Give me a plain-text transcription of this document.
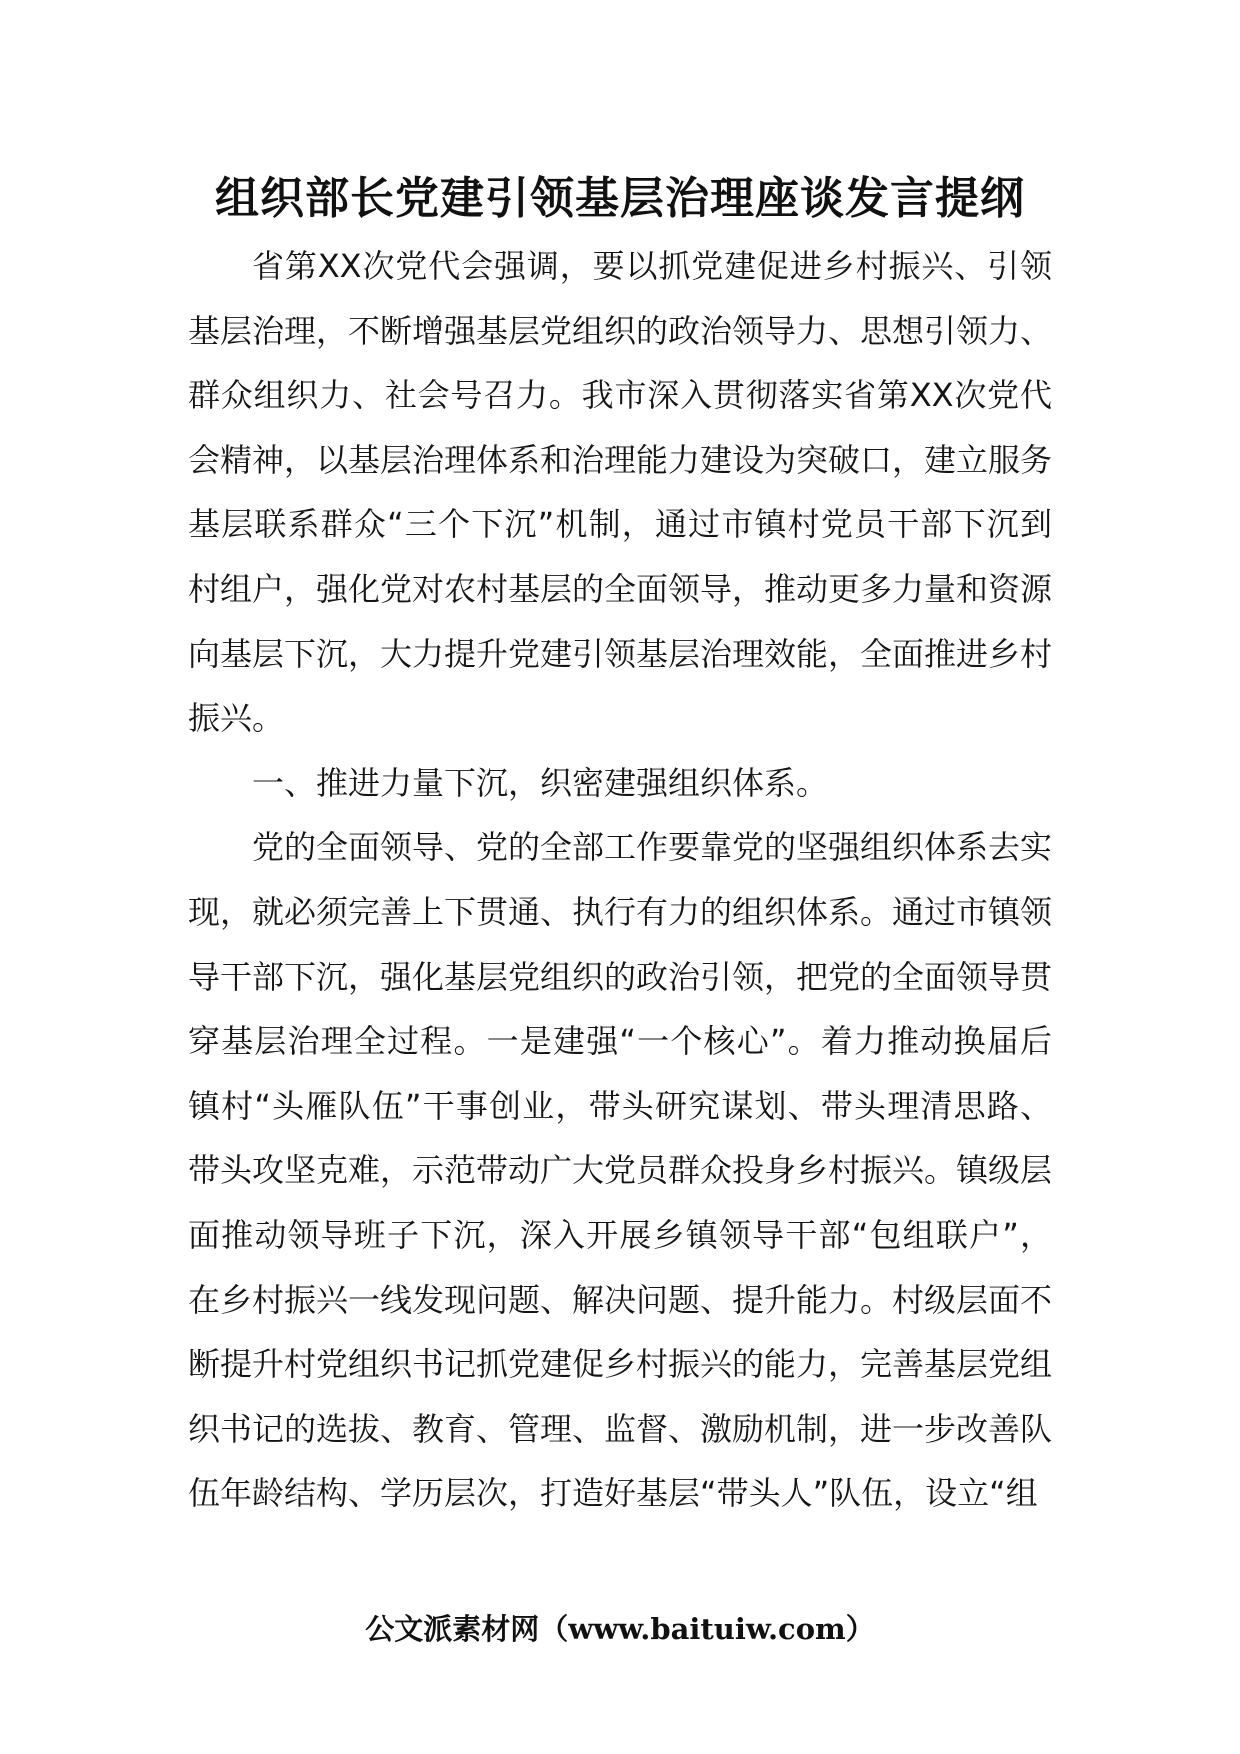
组织部长党建引领基层治理座谈发言提纲

省第XX次党代会强调，要以抓党建促进乡村振兴、引领基层治理，不断增强基层党组织的政治领导力、思想引领力、群众组织力、社会号召力。我市深入贯彻落实省第XX次党代会精神，以基层治理体系和治理能力建设为突破口，建立服务基层联系群众“三个下沉”机制，通过市镇村党员干部下沉到村组户，强化党对农村基层的全面领导，推动更多力量和资源向基层下沉，大力提升党建引领基层治理效能，全面推进乡村振兴。

一、推进力量下沉，织密建强组织体系。

党的全面领导、党的全部工作要靠党的坚强组织体系去实现，就必须完善上下贯通、执行有力的组织体系。通过市镇领导干部下沉，强化基层党组织的政治引领，把党的全面领导贯穿基层治理全过程。一是建强“一个核心”。着力推动换届后镇村“头雁队伍”干事创业，带头研究谋划、带头理清思路、带头攻坚克难，示范带动广大党员群众投身乡村振兴。镇级层面推动领导班子下沉，深入开展乡镇领导干部“包组联户”，在乡村振兴一线发现问题、解决问题、提升能力。村级层面不断提升村党组织书记抓党建促乡村振兴的能力，完善基层党组织书记的选拔、教育、管理、监督、激励机制，进一步改善队伍年龄结构、学历层次，打造好基层“带头人”队伍，设立“组

公文派素材网（www.baituiw.com）
